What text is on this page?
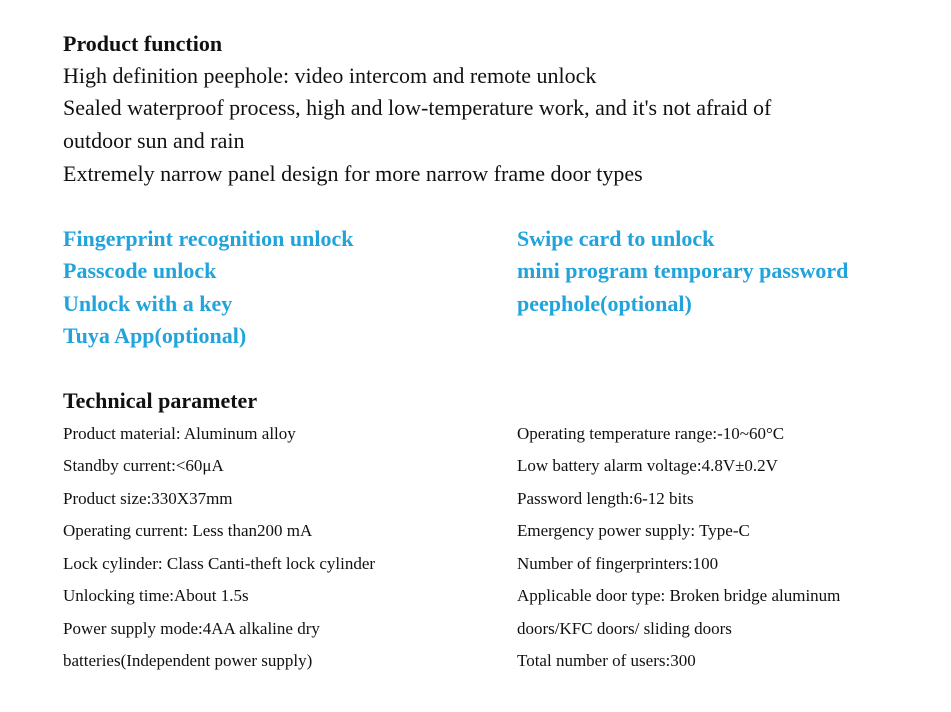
Product function
High definition peephole: video intercom and remote unlock
Sealed waterproof process, high and low-temperature work, and it's not afraid of
outdoor sun and rain
Extremely narrow panel design for more narrow frame door types
Fingerprint recognition unlock
Passcode unlock
Unlock with a key
Tuya App(optional)
Swipe card to unlock
mini program temporary password
peephole(optional)
Technical parameter
Product material: Aluminum alloy
Standby current:<60μA
Product size:330X37mm
Operating current: Less than200 mA
Lock cylinder: Class Canti-theft lock cylinder
Unlocking time:About 1.5s
Power supply mode:4AA alkaline dry
batteries(Independent power supply)
Operating temperature range:-10~60°C
Low battery alarm voltage:4.8V±0.2V
Password length:6-12 bits
Emergency power supply: Type-C
Number of fingerprinters:100
Applicable door type: Broken bridge aluminum
doors/KFC doors/ sliding doors
Total number of users:300
